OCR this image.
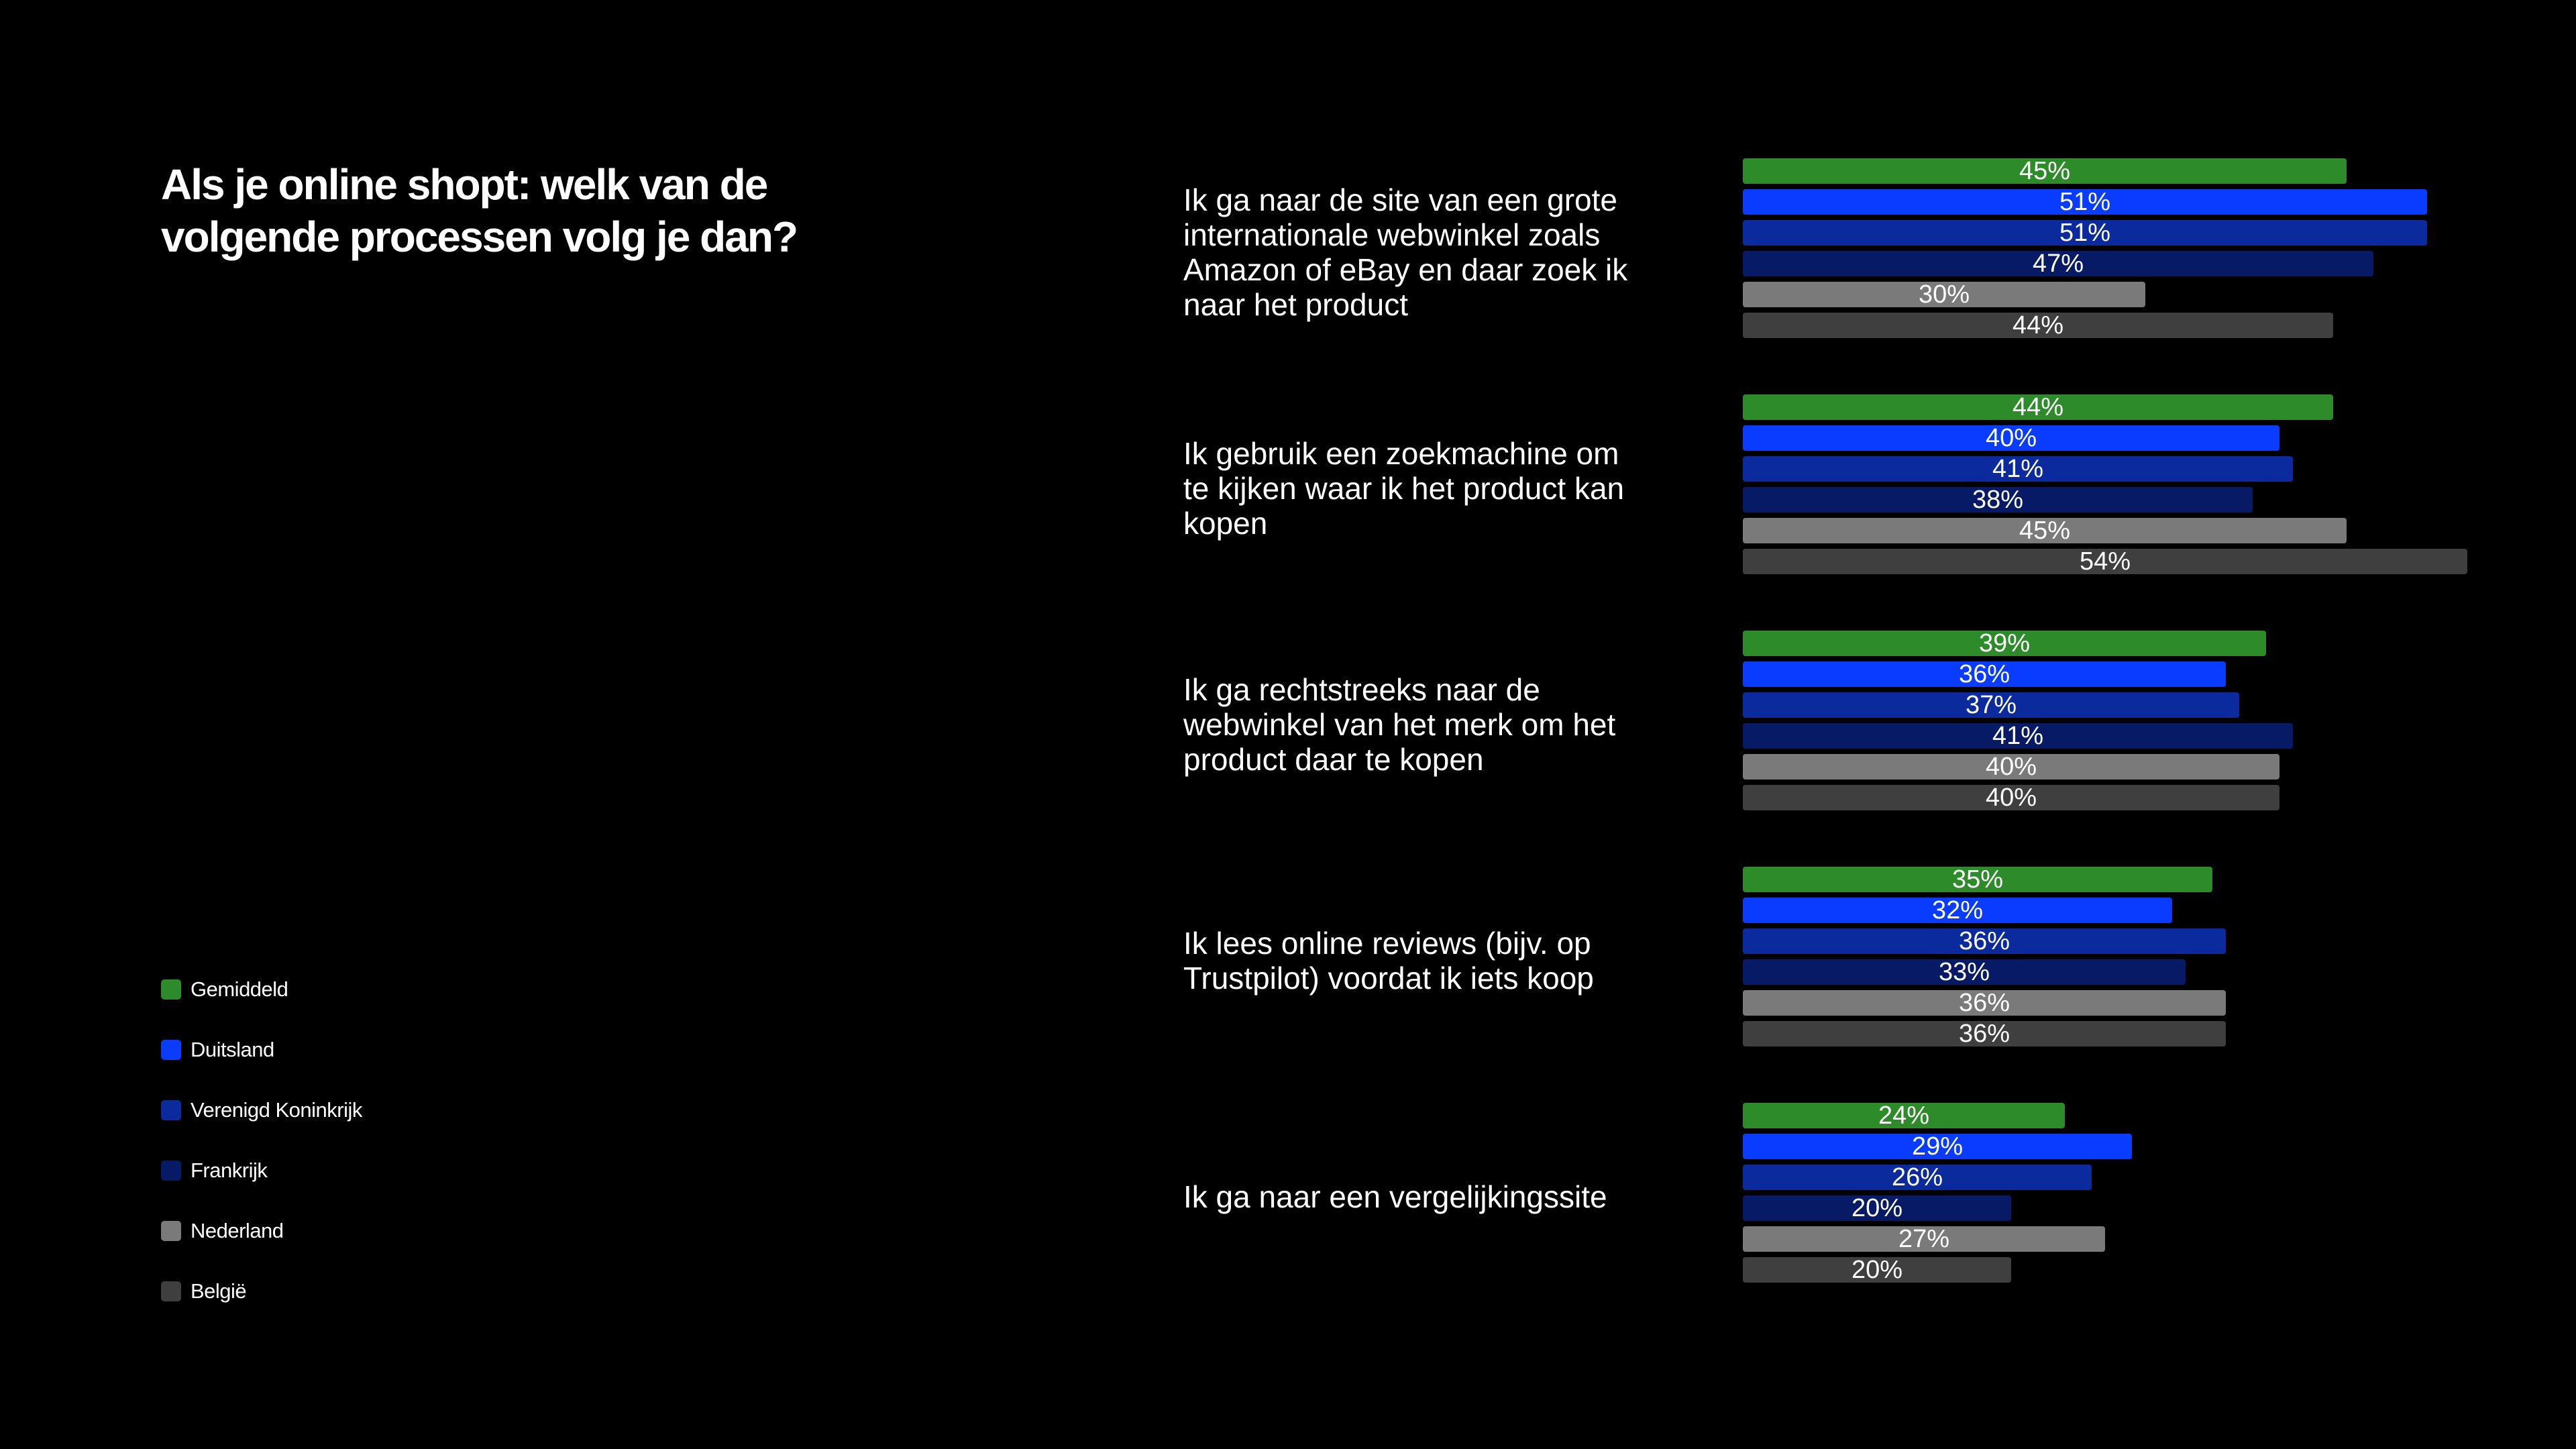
Als je online shopt: welk van de volgende processen volg je dan?
Gemiddeld
Duitsland
Verenigd Koninkrijk
Frankrijk
Nederland
België

Ik ga naar de site van een grote internationale webwinkel zoals Amazon of eBay en daar zoek ik naar het product

45%
51%
51%
47%
30%
44%

Ik gebruik een zoekmachine om te kijken waar ik het product kan kopen

44%
40%
41%
38%
45%
54%

Ik ga rechtstreeks naar de webwinkel van het merk om het product daar te kopen

39%
36%
37%
41%
40%
40%

Ik lees online reviews (bijv. op Trustpilot) voordat ik iets koop

35%
32%
36%
33%
36%
36%

Ik ga naar een vergelijkingssite

24%
29%
26%
20%
27%
20%
